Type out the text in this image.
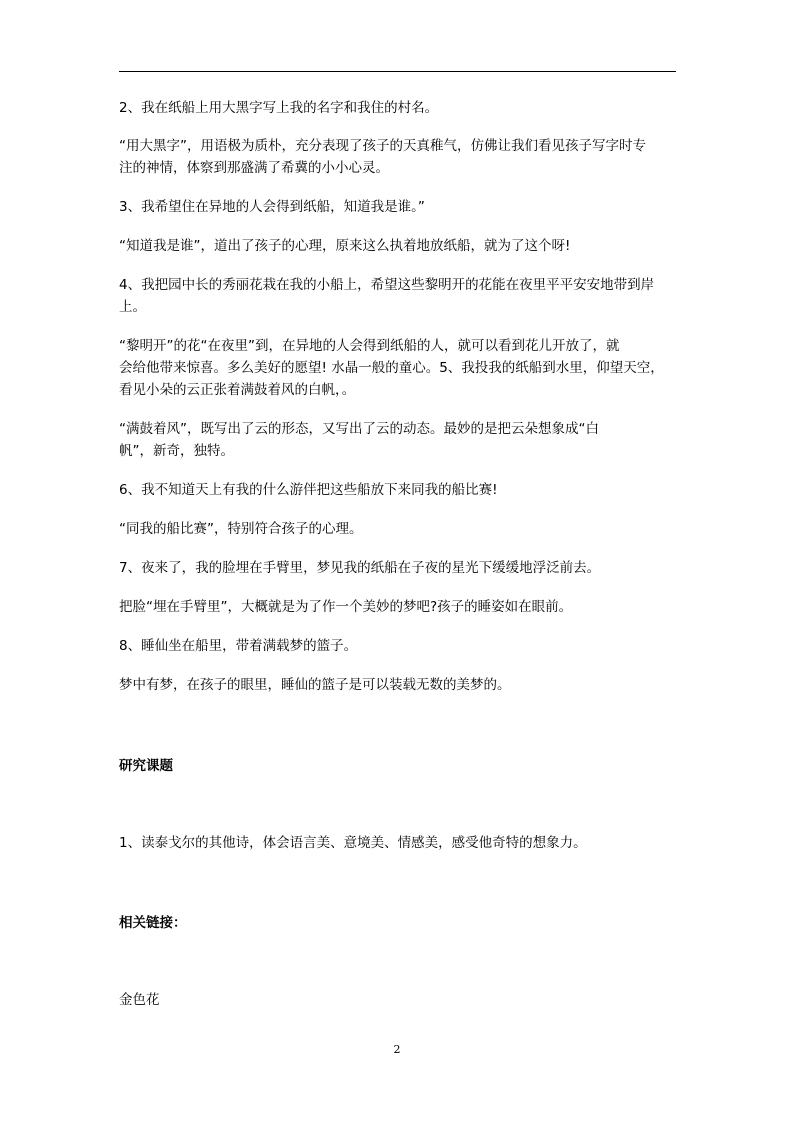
2、我在纸船上用大黑字写上我的名字和我住的村名。
“用大黑字”，用语极为质朴，充分表现了孩子的天真稚气，仿佛让我们看见孩子写字时专
注的神情，体察到那盛满了希冀的小小心灵。
3、我希望住在异地的人会得到纸船，知道我是谁。”
“知道我是谁”，道出了孩子的心理，原来这么执着地放纸船，就为了这个呀!
4、我把园中长的秀丽花栽在我的小船上，希望这些黎明开的花能在夜里平平安安地带到岸
上。
“黎明开”的花“在夜里”到，在异地的人会得到纸船的人，就可以看到花儿开放了，就
会给他带来惊喜。多么美好的愿望! 水晶一般的童心。5、我投我的纸船到水里，仰望天空，
看见小朵的云正张着满鼓着风的白帆，。
“满鼓着风”，既写出了云的形态，又写出了云的动态。最妙的是把云朵想象成“白
帆”，新奇，独特。
6、我不知道天上有我的什么游伴把这些船放下来同我的船比赛!
“同我的船比赛”，特别符合孩子的心理。
7、夜来了，我的脸埋在手臂里，梦见我的纸船在子夜的星光下缓缓地浮泛前去。
把脸“埋在手臂里”，大概就是为了作一个美妙的梦吧?孩子的睡姿如在眼前。
8、睡仙坐在船里，带着满载梦的篮子。
梦中有梦，在孩子的眼里，睡仙的篮子是可以装载无数的美梦的。
研究课题
1、读泰戈尔的其他诗，体会语言美、意境美、情感美，感受他奇特的想象力。
相关链接：
金色花
2
